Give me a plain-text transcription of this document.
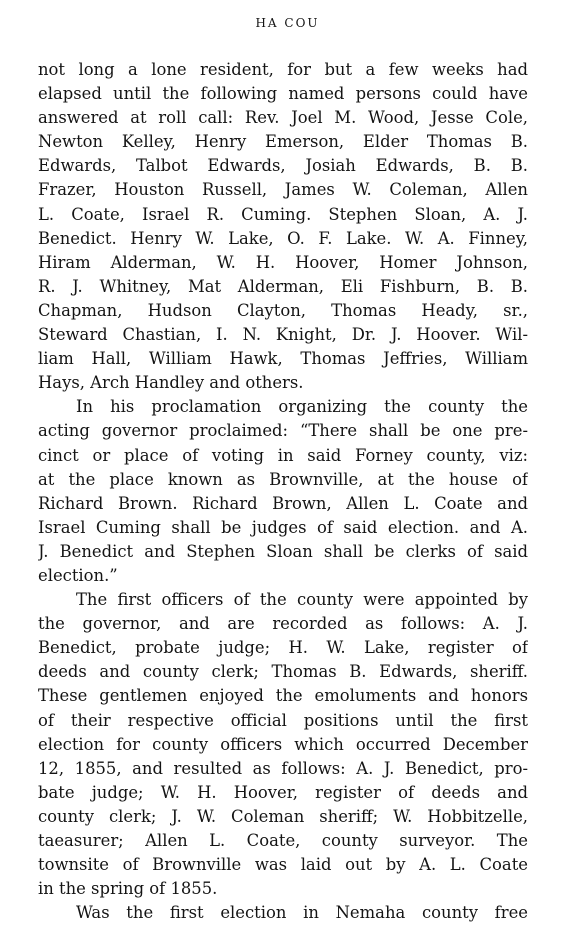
HA COU
not long a lone resident, for but a few weeks had
elapsed until the following named persons could have
answered at roll call: Rev. Joel M. Wood, Jesse Cole,
Newton Kelley, Henry Emerson, Elder Thomas B.
Edwards, Talbot Edwards, Josiah Edwards, B. B.
Frazer, Houston Russell, James W. Coleman, Allen
L. Coate, Israel R. Cuming. Stephen Sloan, A. J.
Benedict. Henry W. Lake, O. F. Lake. W. A. Finney,
Hiram Alderman, W. H. Hoover, Homer Johnson,
R. J. Whitney, Mat Alderman, Eli Fishburn, B. B.
Chapman, Hudson Clayton, Thomas Heady, sr.,
Steward Chastian, I. N. Knight, Dr. J. Hoover. Wil-
liam Hall, William Hawk, Thomas Jeffries, William
Hays, Arch Handley and others.
In his proclamation organizing the county the
acting governor proclaimed: “There shall be one pre-
cinct or place of voting in said Forney county, viz:
at the place known as Brownville, at the house of
Richard Brown. Richard Brown, Allen L. Coate and
Israel Cuming shall be judges of said election. and A.
J. Benedict and Stephen Sloan shall be clerks of said
election.”
The first officers of the county were appointed by
the governor, and are recorded as follows: A. J.
Benedict, probate judge; H. W. Lake, register of
deeds and county clerk; Thomas B. Edwards, sheriff.
These gentlemen enjoyed the emoluments and honors
of their respective official positions until the first
election for county officers which occurred December
12, 1855, and resulted as follows: A. J. Benedict, pro-
bate judge; W. H. Hoover, register of deeds and
county clerk; J. W. Coleman sheriff; W. Hobbitzelle,
taeasurer; Allen L. Coate, county surveyor. The
townsite of Brownville was laid out by A. L. Coate
in the spring of 1855.
Was the first election in Nemaha county free
